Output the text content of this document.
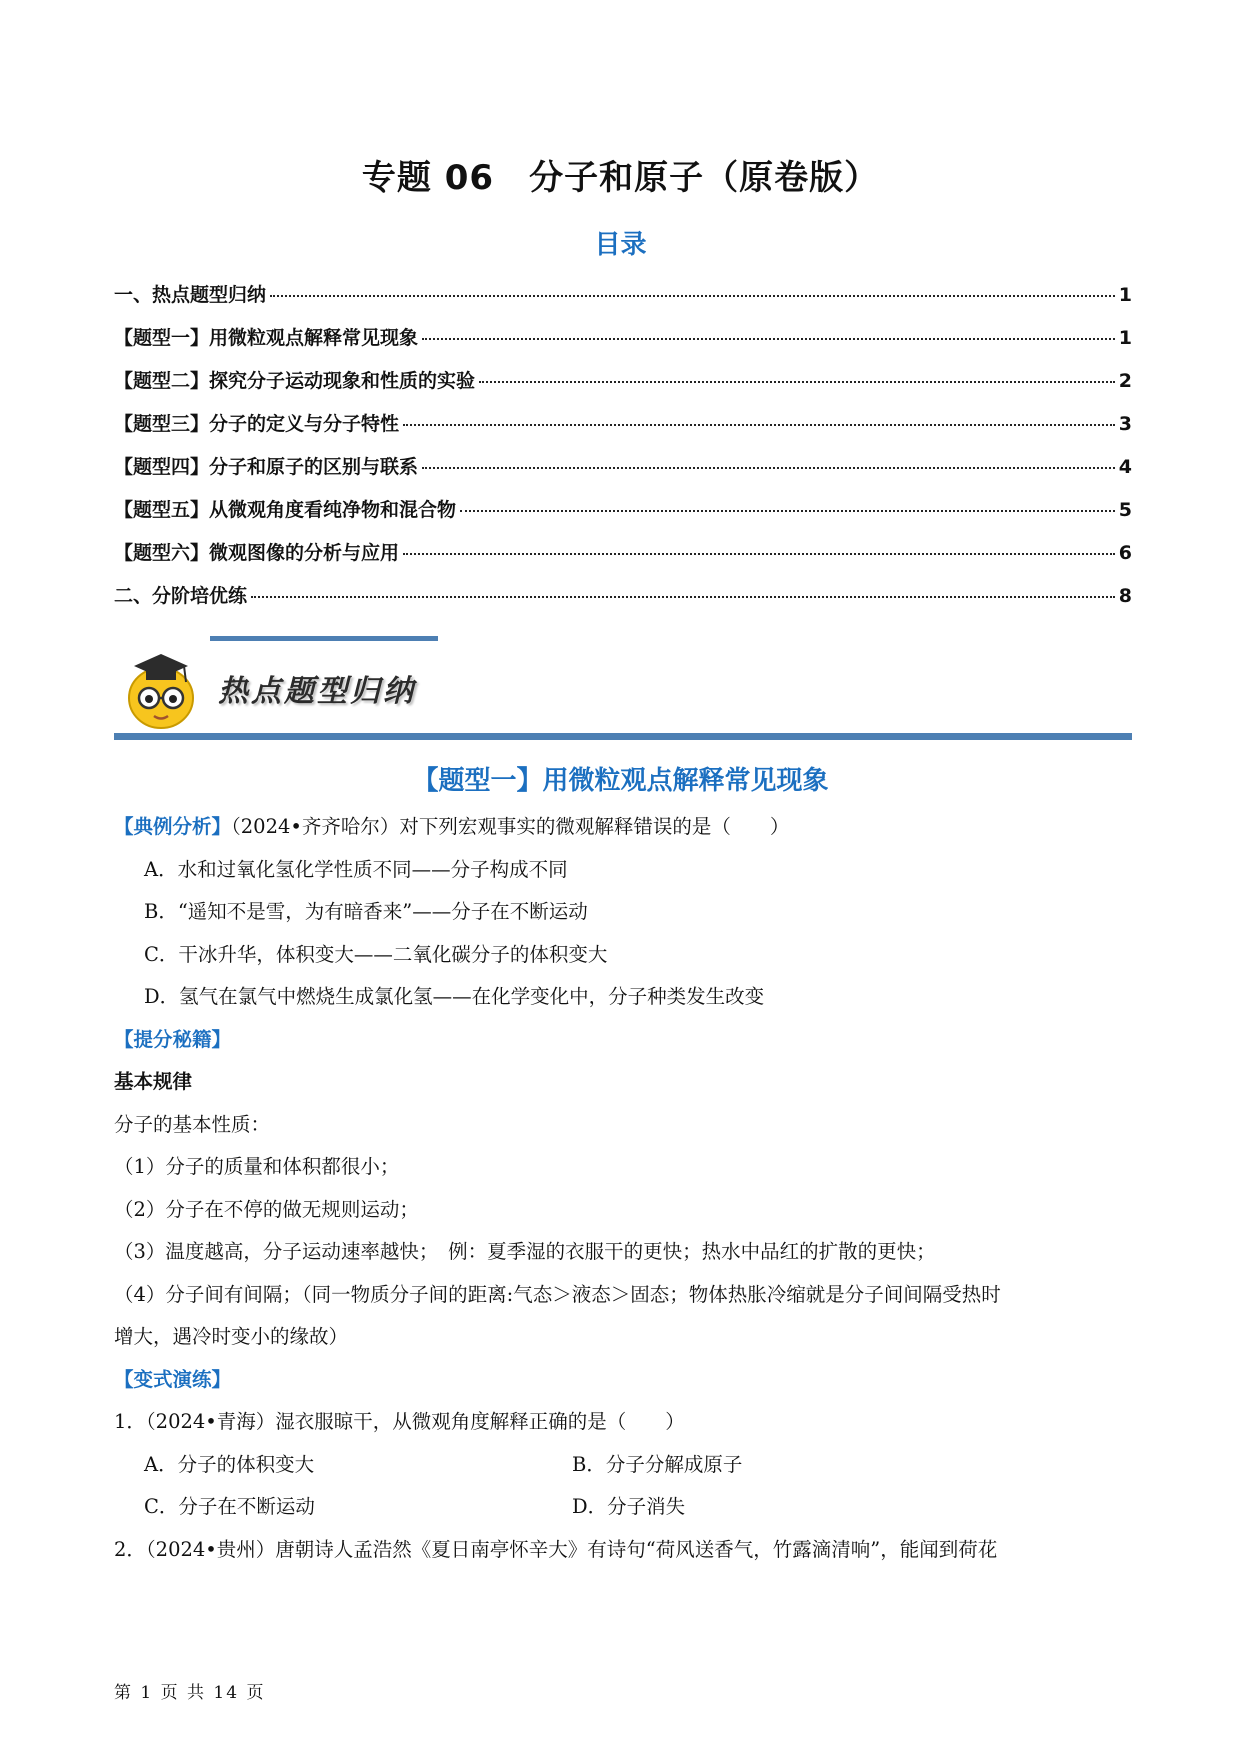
专题 06　分子和原子（原卷版）
目录
一、热点题型归纳	1
【题型一】用微粒观点解释常见现象	1
【题型二】探究分子运动现象和性质的实验	2
【题型三】分子的定义与分子特性	3
【题型四】分子和原子的区别与联系	4
【题型五】从微观角度看纯净物和混合物	5
【题型六】微观图像的分析与应用	6
二、分阶培优练	8
热点题型归纳
【题型一】用微粒观点解释常见现象
【典例分析】（2024•齐齐哈尔）对下列宏观事实的微观解释错误的是（　　）
A．水和过氧化氢化学性质不同——分子构成不同
B．“遥知不是雪，为有暗香来”——分子在不断运动
C．干冰升华，体积变大——二氧化碳分子的体积变大
D．氢气在氯气中燃烧生成氯化氢——在化学变化中，分子种类发生改变
【提分秘籍】
基本规律
分子的基本性质：
（1）分子的质量和体积都很小；
（2）分子在不停的做无规则运动；
（3）温度越高，分子运动速率越快；　例：夏季湿的衣服干的更快；热水中品红的扩散的更快；
（4）分子间有间隔；（同一物质分子间的距离:气态＞液态＞固态；物体热胀冷缩就是分子间间隔受热时
增大，遇冷时变小的缘故）
【变式演练】
1．（2024•青海）湿衣服晾干，从微观角度解释正确的是（　　）
A．分子的体积变大	B．分子分解成原子
C．分子在不断运动	D．分子消失
2．（2024•贵州）唐朝诗人孟浩然《夏日南亭怀辛大》有诗句“荷风送香气，竹露滴清响”，能闻到荷花
第 1 页 共 14 页
